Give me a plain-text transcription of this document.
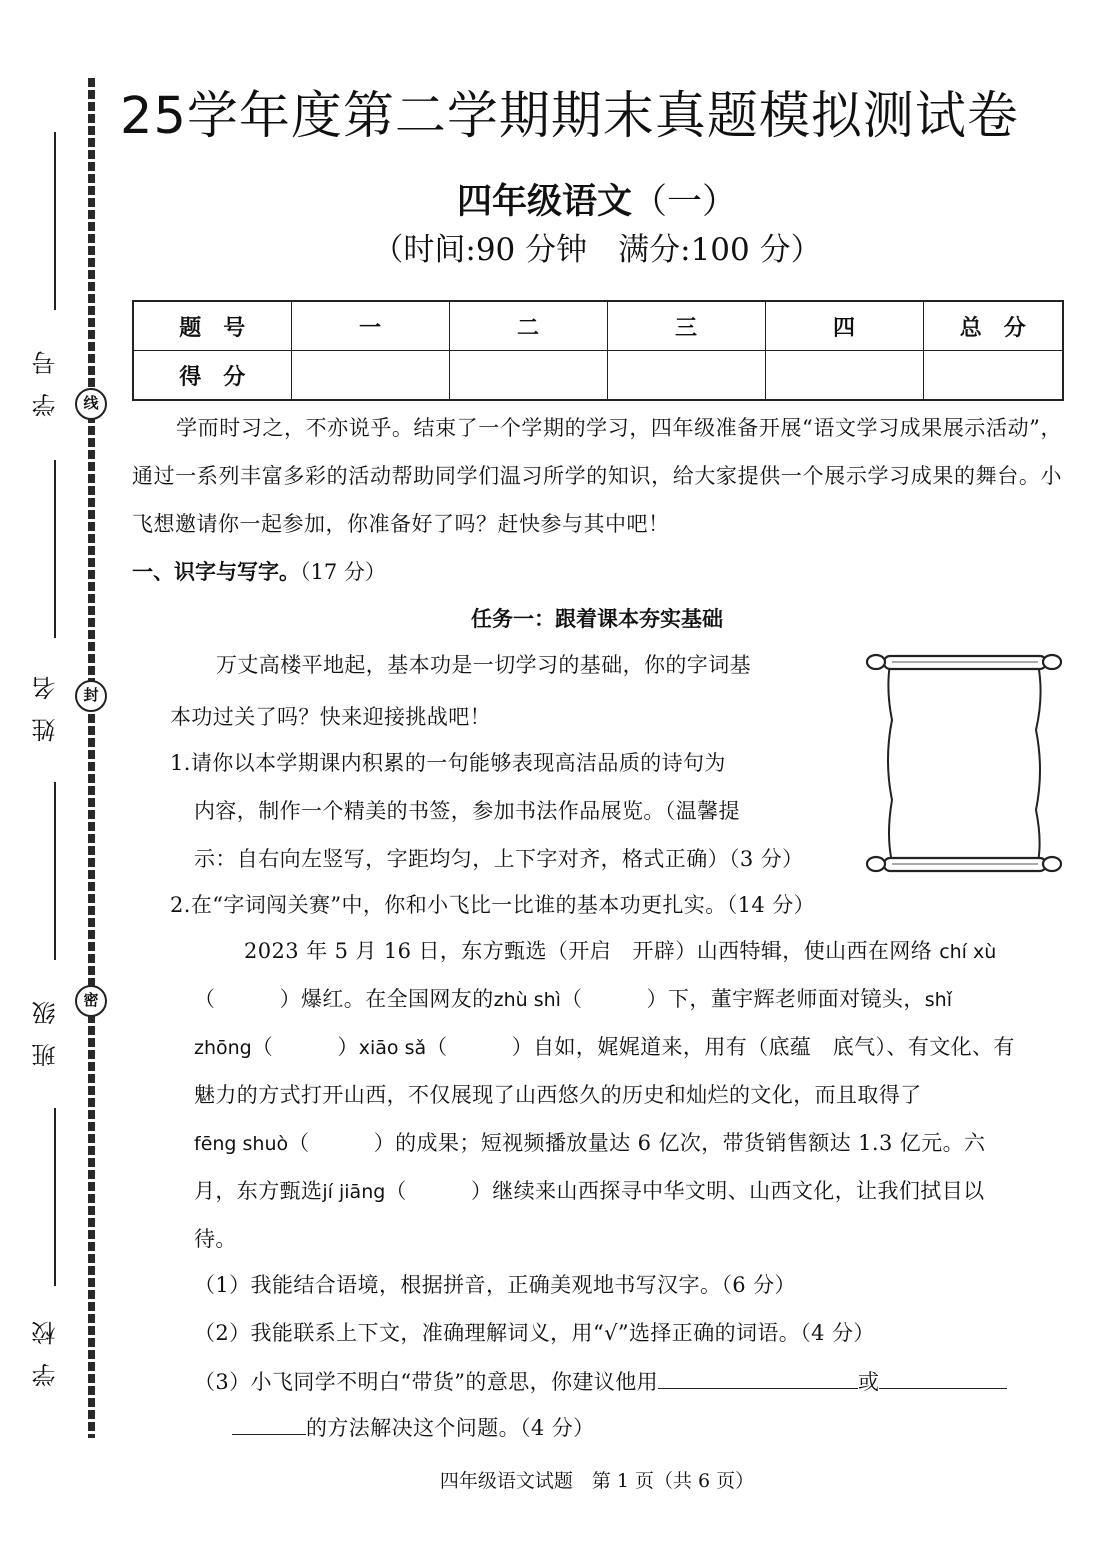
线
封
密
学号
姓名
班级
学校
25学年度第二学期期末真题模拟测试卷
四年级语文（一）
（时间:90 分钟　满分:100 分）
题　号	一	二	三	四	总　分
得　分					
学而时习之，不亦说乎。结束了一个学期的学习，四年级准备开展“语文学习成果展示活动”，通过一系列丰富多彩的活动帮助同学们温习所学的知识，给大家提供一个展示学习成果的舞台。小飞想邀请你一起参加，你准备好了吗？赶快参与其中吧！
一、识字与写字。（17 分）
任务一：跟着课本夯实基础
万丈高楼平地起，基本功是一切学习的基础，你的字词基
本功过关了吗？快来迎接挑战吧！
1.请你以本学期课内积累的一句能够表现高洁品质的诗句为
内容，制作一个精美的书签，参加书法作品展览。（温馨提
示：自右向左竖写，字距均匀，上下字对齐，格式正确）（3 分）
2.在“字词闯关赛”中，你和小飞比一比谁的基本功更扎实。（14 分）
2023 年 5 月 16 日，东方甄选（开启　开辟）山西特辑，使山西在网络 chí xù
（　　　）爆红。在全国网友的zhù shì（　　　）下，董宇辉老师面对镜头，shǐ
zhōng（　　　）xiāo sǎ（　　　）自如，娓娓道来，用有（底蕴　底气）、有文化、有
魅力的方式打开山西，不仅展现了山西悠久的历史和灿烂的文化，而且取得了
fēng shuò（　　　）的成果；短视频播放量达 6 亿次，带货销售额达 1.3 亿元。六
月，东方甄选jí jiāng（　　　）继续来山西探寻中华文明、山西文化，让我们拭目以
待。
（1）我能结合语境，根据拼音，正确美观地书写汉字。（6 分）
（2）我能联系上下文，准确理解词义，用“√”选择正确的词语。（4 分）
（3）小飞同学不明白“带货”的意思，你建议他用	或
的方法解决这个问题。（4 分）
四年级语文试题　第 1 页（共 6 页）
